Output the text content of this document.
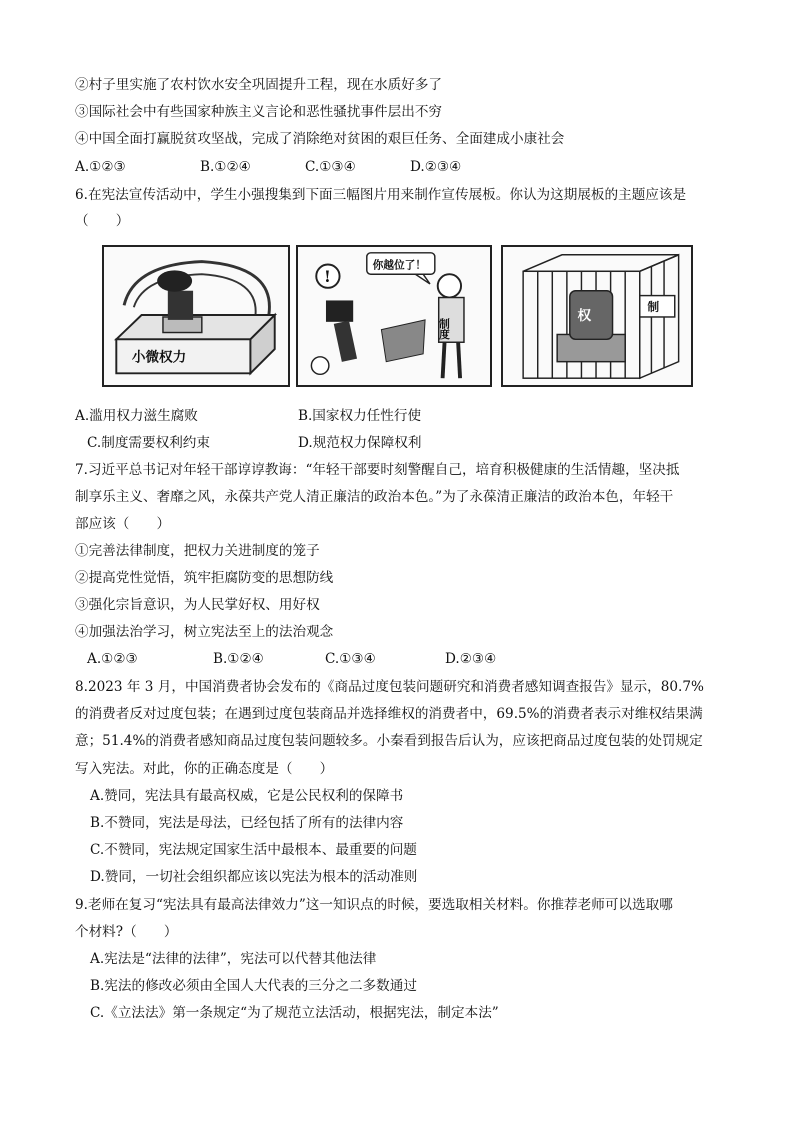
②村子里实施了农村饮水安全巩固提升工程，现在水质好多了
③国际社会中有些国家种族主义言论和恶性骚扰事件层出不穷
④中国全面打赢脱贫攻坚战，完成了消除绝对贫困的艰巨任务、全面建成小康社会
A.①②③	B.①②④	C.①③④	D.②③④
6.在宪法宣传活动中，学生小强搜集到下面三幅图片用来制作宣传展板。你认为这期展板的主题应该是
（　　）
小微权力
你越位了！
!
制度
权
制
A.滥用权力滋生腐败	B.国家权力任性行使
C.制度需要权利约束	D.规范权力保障权利
7.习近平总书记对年轻干部谆谆教诲：“年轻干部要时刻警醒自己，培育积极健康的生活情趣，坚决抵
制享乐主义、奢靡之风，永葆共产党人清正廉洁的政治本色。”为了永葆清正廉洁的政治本色，年轻干
部应该（　　）
①完善法律制度，把权力关进制度的笼子
②提高党性觉悟，筑牢拒腐防变的思想防线
③强化宗旨意识，为人民掌好权、用好权
④加强法治学习，树立宪法至上的法治观念
A.①②③	B.①②④	C.①③④	D.②③④
8.2023 年 3 月，中国消费者协会发布的《商品过度包装问题研究和消费者感知调查报告》显示，80.7%
的消费者反对过度包装；在遇到过度包装商品并选择维权的消费者中，69.5%的消费者表示对维权结果满
意；51.4%的消费者感知商品过度包装问题较多。小秦看到报告后认为，应该把商品过度包装的处罚规定
写入宪法。对此，你的正确态度是（　　）
A.赞同，宪法具有最高权威，它是公民权利的保障书
B.不赞同，宪法是母法，已经包括了所有的法律内容
C.不赞同，宪法规定国家生活中最根本、最重要的问题
D.赞同，一切社会组织都应该以宪法为根本的活动准则
9.老师在复习“宪法具有最高法律效力”这一知识点的时候，要选取相关材料。你推荐老师可以选取哪
个材料?（　　）
A.宪法是“法律的法律”，宪法可以代替其他法律
B.宪法的修改必须由全国人大代表的三分之二多数通过
C.《立法法》第一条规定“为了规范立法活动，根据宪法，制定本法”
